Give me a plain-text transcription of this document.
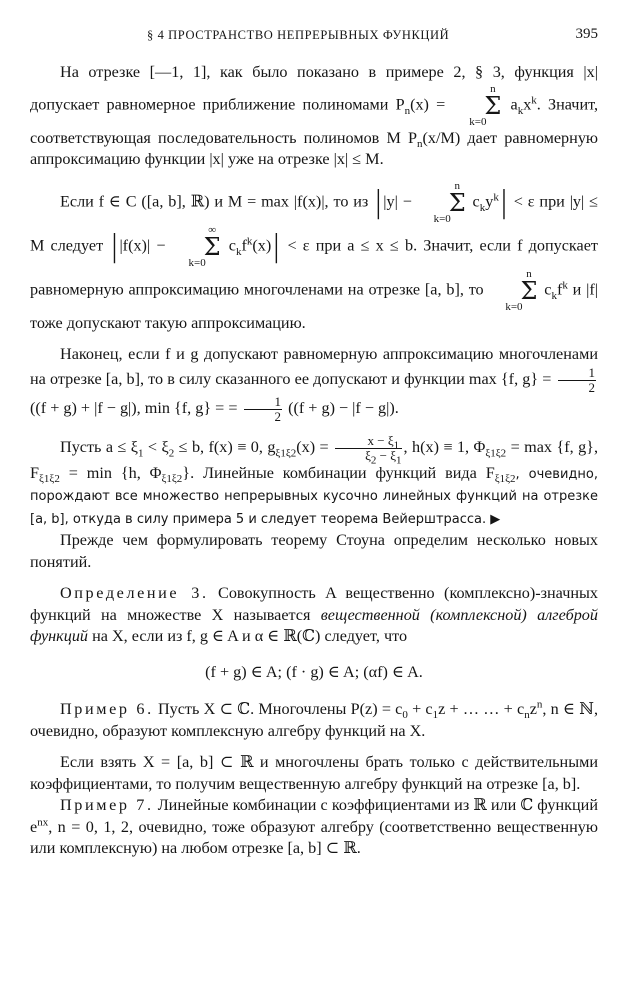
§ 4 ПРОСТРАНСТВО НЕПРЕРЫВНЫХ ФУНКЦИЙ	395

На отрезке [—1, 1], как было показано в примере 2, § 3, функция |x| допускает равномерное приближение полиномами $P_n(x) = n$
Σ
k=0 $a_kx^k$. Значит, соответствующая последовательность полиномов M $P_n(x/M)$ дает равномерную аппроксимацию функции |x| уже на отрезке |x| ≤ M.

Если f ∈ C ([a, b], ℝ) и M = max |f(x)|, то из ||y| − n
Σ
k=0 $c_ky^k| < \varepsilon$ при |y| ≤ M следует ||f(x)| − ∞
Σ
k=0 $c_kf^k(x)| < \varepsilon$ при a ≤ x ≤ b. Значит, если f допускает равномерную аппроксимацию многочленами на отрезке [a, b], то n
Σ
k=0 $c_kf^k$ и |f| тоже допускают такую аппроксимацию.

Наконец, если f и g допускают равномерную аппроксимацию многочленами на отрезке [a, b], то в силу сказанного ее допускают и функции max {f, $g\} = \frac{1}{2}$
((f + g) + |f − g|), min {f, g} = = $\frac{1}{2} ((f + g) - |f - g|)$.

Пусть $a \le \xi_1 < \xi_2 \le b$, f(x) ≡ 0, $g_{\xi 1\xi 2}(x) = \frac{x - \xi_1}{\xi_2 - \xi_1}$ , h(x) ≡ 1, $\Phi_{\xi 1\xi 2} = \max \{f$, g}, $F_{\xi 1\xi 2} = \min \{h$, $\Phi_{\xi 1\xi 2}$}. Линейные комбинации функций вида $F_{\xi 1\xi 2}$, очевидно, порождают все множество непрерывных кусочно линейных функций на отрезке [a, b], откуда в силу примера 5 и следует теорема Вейерштрасса. ▶

Прежде чем формулировать теорему Стоуна определим несколько новых понятий.

Определение 3. Совокупность A вещественно (комплексно)-значных функций на множестве X называется вещественной (комплексной) алгеброй функций на X, если из f, g ∈ A и α ∈ ℝ(ℂ) следует, что

(f + g) ∈ A; (f · g) ∈ A; (αf) ∈ A.

Пример 6. Пусть X ⊂ ℂ. Многочлены $P(z) = c_0 + c_1z$ + … … + $c_nz^n$, n ∈ ℕ, очевидно, образуют комплексную алгебру функций на X.

Если взять X = [a, b] ⊂ ℝ и многочлены брать только с действительными коэффициентами, то получим вещественную алгебру функций на отрезке [a, b].

Пример 7. Линейные комбинации с коэффициентами из ℝ или ℂ функций $e^{nx}$, n = 0, 1, 2, очевидно, тоже образуют алгебру (соответственно вещественную или комплексную) на любом отрезке [a, b] ⊂ ℝ.
